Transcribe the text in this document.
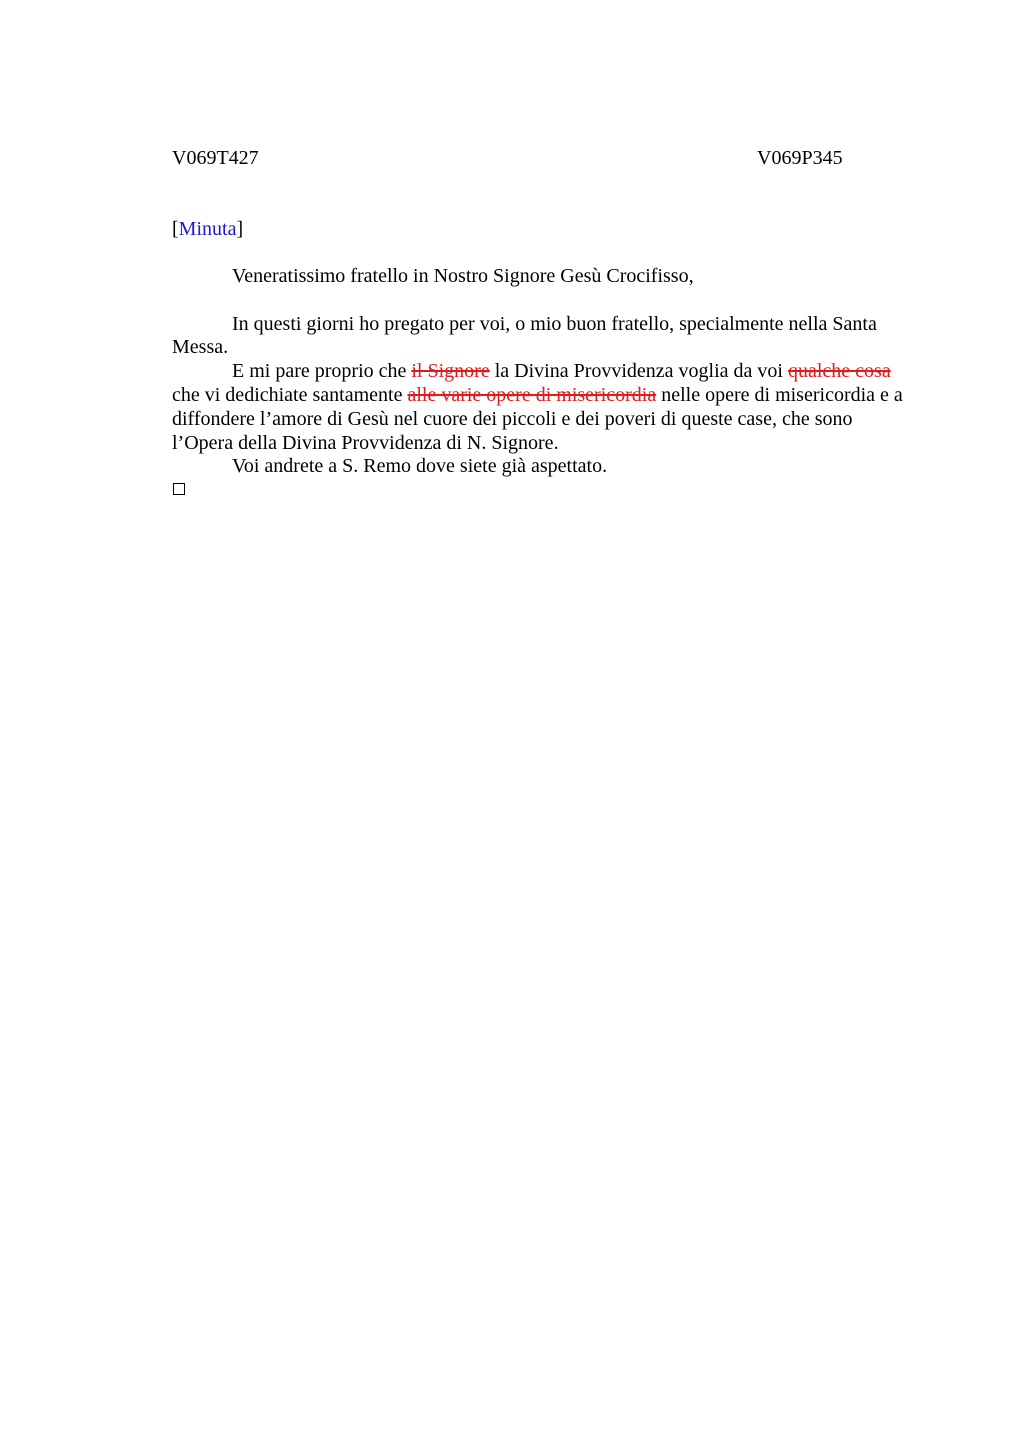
V069T427	V069P345
[Minuta]
Veneratissimo fratello in Nostro Signore Gesù Crocifisso,
In questi giorni ho pregato per voi, o mio buon fratello, specialmente nella Santa
Messa.
E mi pare proprio che il Signore la Divina Provvidenza voglia da voi qualche cosa
che vi dedichiate santamente alle varie opere di misericordia nelle opere di misericordia e a
diffondere l’amore di Gesù nel cuore dei piccoli e dei poveri di queste case, che sono
l’Opera della Divina Provvidenza di N. Signore.
Voi andrete a S. Remo dove siete già aspettato.
